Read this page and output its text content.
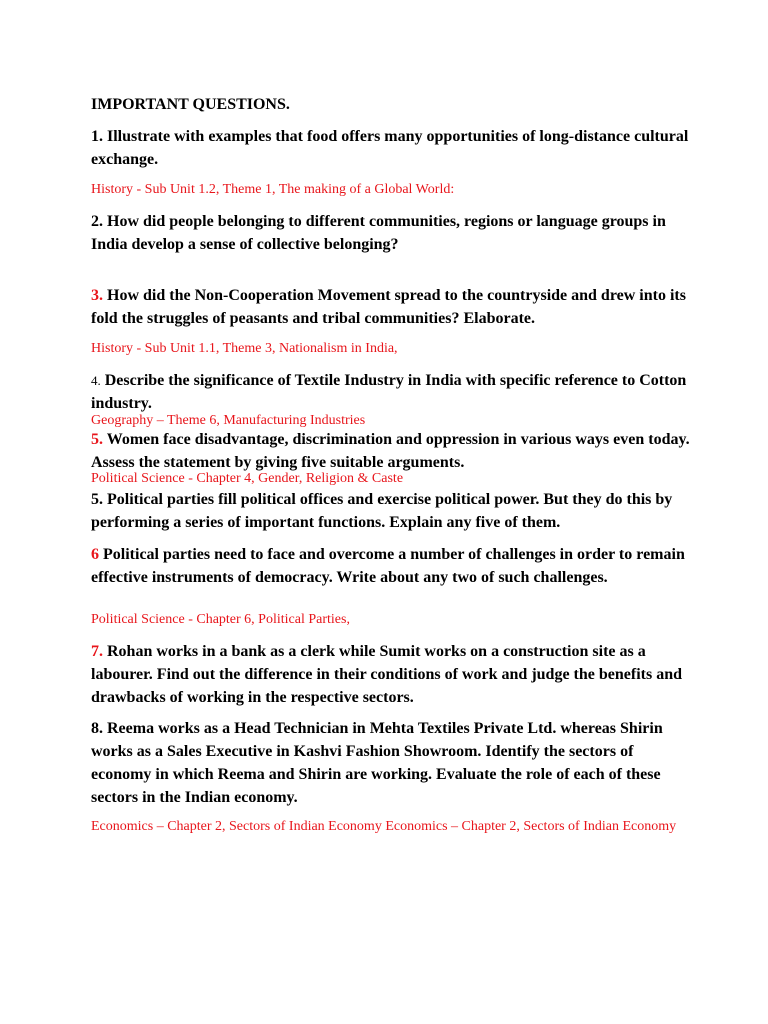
IMPORTANT QUESTIONS.
1. Illustrate with examples that food offers many opportunities of long-distance cultural exchange.
History - Sub Unit 1.2, Theme 1, The making of a Global World:
2. How did people belonging to different communities, regions or language groups in India develop a sense of collective belonging?
3. How did the Non-Cooperation Movement spread to the countryside and drew into its fold the struggles of peasants and tribal communities? Elaborate.
History - Sub Unit 1.1, Theme 3, Nationalism in India,
4. Describe the significance of Textile Industry in India with specific reference to Cotton industry.
Geography – Theme 6, Manufacturing Industries
5. Women face disadvantage, discrimination and oppression in various ways even today. Assess the statement by giving five suitable arguments.
Political Science - Chapter 4, Gender, Religion & Caste
5. Political parties fill political offices and exercise political power. But they do this by performing a series of important functions. Explain any five of them.
6 Political parties need to face and overcome a number of challenges in order to remain effective instruments of democracy. Write about any two of such challenges.
Political Science - Chapter 6, Political Parties,
7. Rohan works in a bank as a clerk while Sumit works on a construction site as a labourer. Find out the difference in their conditions of work and judge the benefits and drawbacks of working in the respective sectors.
8. Reema works as a Head Technician in Mehta Textiles Private Ltd. whereas Shirin works as a Sales Executive in Kashvi Fashion Showroom. Identify the sectors of economy in which Reema and Shirin are working. Evaluate the role of each of these sectors in the Indian economy.
Economics – Chapter 2, Sectors of Indian Economy Economics – Chapter 2, Sectors of Indian Economy
